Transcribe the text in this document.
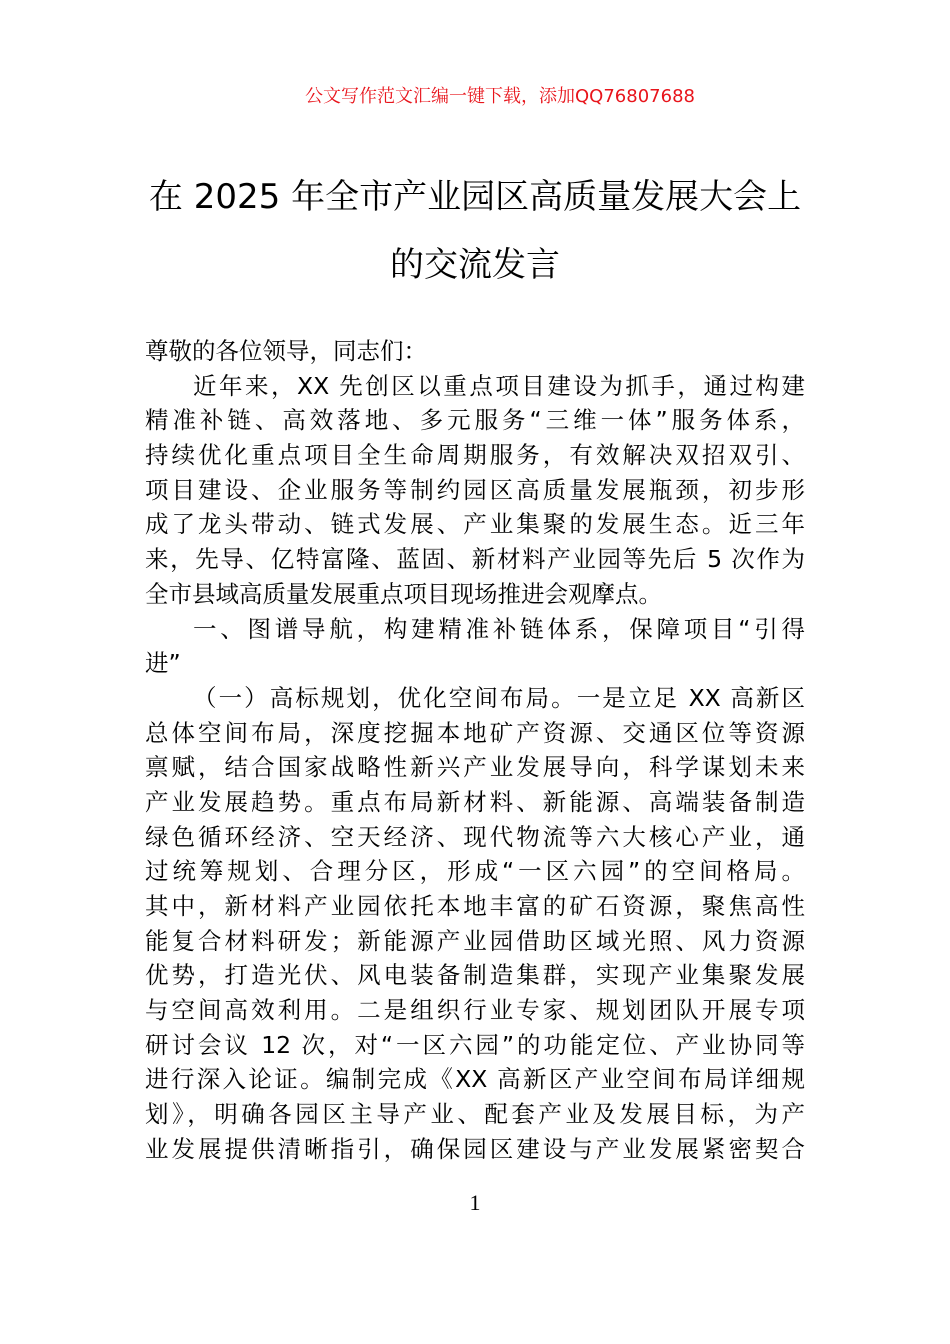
公文写作范文汇编一键下载，添加QQ76807688
在 2025 年全市产业园区高质量发展大会上
的交流发言
尊敬的各位领导，同志们：
近年来，XX 先创区以重点项目建设为抓手，通过构建
精准补链、高效落地、多元服务“三维一体”服务体系，
持续优化重点项目全生命周期服务，有效解决双招双引、
项目建设、企业服务等制约园区高质量发展瓶颈，初步形
成了龙头带动、链式发展、产业集聚的发展生态。近三年
来，先导、亿特富隆、蓝固、新材料产业园等先后 5 次作为
全市县域高质量发展重点项目现场推进会观摩点。
一、图谱导航，构建精准补链体系，保障项目“引得
进”
（一）高标规划，优化空间布局。一是立足 XX 高新区
总体空间布局，深度挖掘本地矿产资源、交通区位等资源
禀赋，结合国家战略性新兴产业发展导向，科学谋划未来
产业发展趋势。重点布局新材料、新能源、高端装备制造
绿色循环经济、空天经济、现代物流等六大核心产业，通
过统筹规划、合理分区，形成“一区六园”的空间格局。
其中，新材料产业园依托本地丰富的矿石资源，聚焦高性
能复合材料研发；新能源产业园借助区域光照、风力资源
优势，打造光伏、风电装备制造集群，实现产业集聚发展
与空间高效利用。二是组织行业专家、规划团队开展专项
研讨会议 12 次，对“一区六园”的功能定位、产业协同等
进行深入论证。编制完成《XX 高新区产业空间布局详细规
划》，明确各园区主导产业、配套产业及发展目标，为产
业发展提供清晰指引，确保园区建设与产业发展紧密契合
1
